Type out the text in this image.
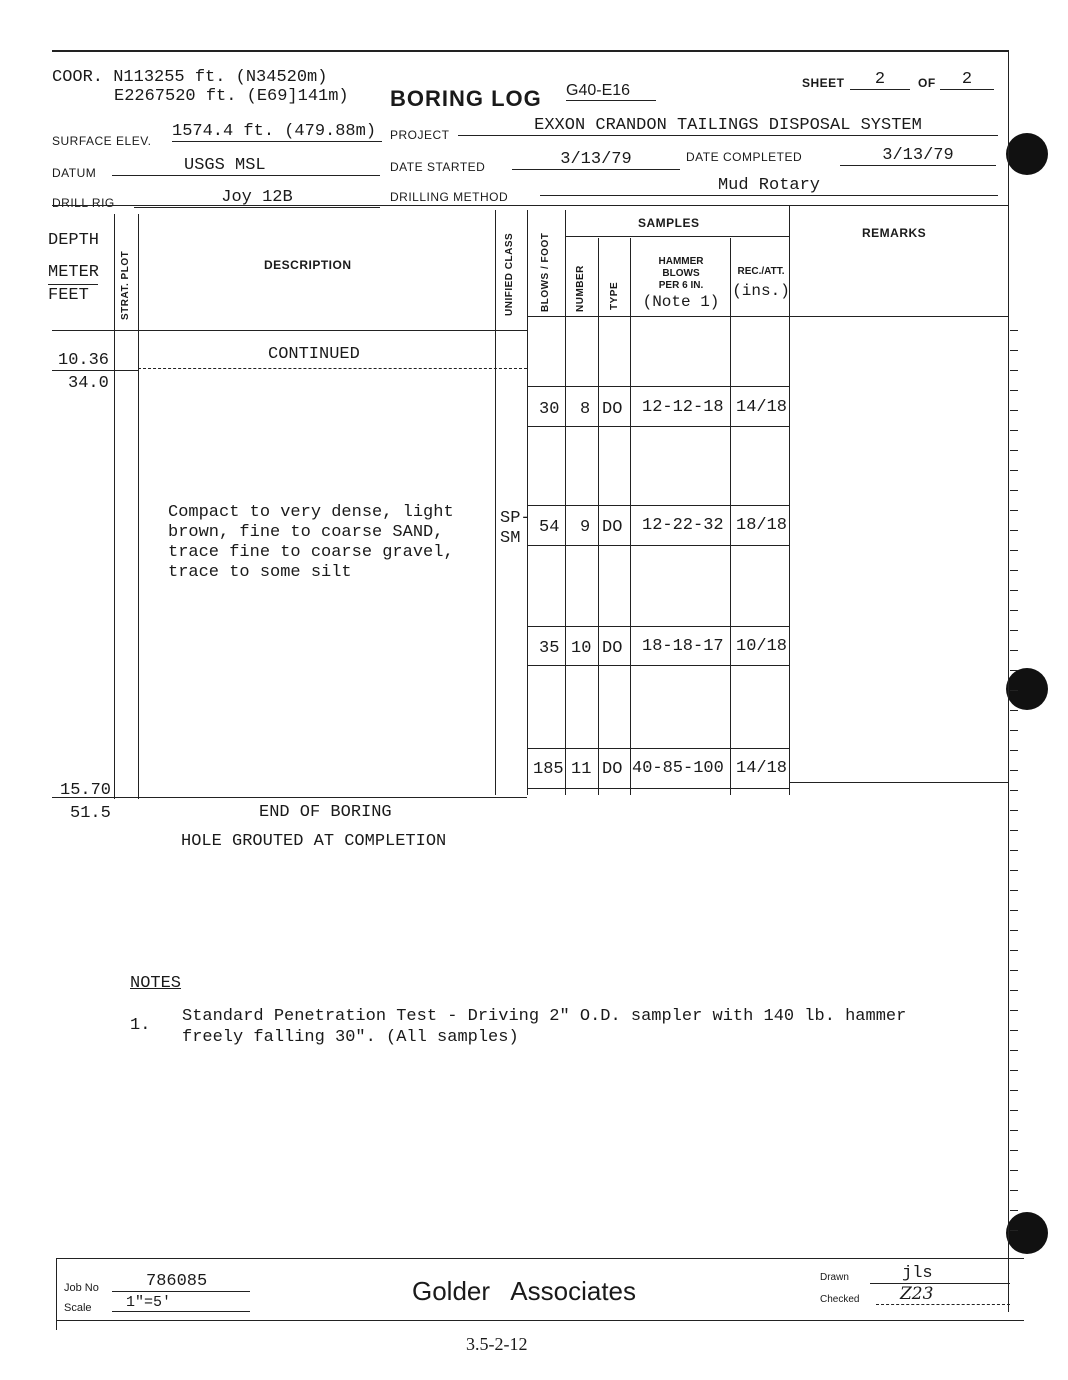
COOR. N113255 ft. (N34520m)
E2267520 ft. (E69]141m) BORING LOG G40-E16	SHEET	2	OF	2
SURFACE ELEV. 1574.4 ft. (479.88m)	PROJECT	EXXON CRANDON TAILINGS DISPOSAL SYSTEM
DATUM	USGS MSL	DATE STARTED	3/13/79	DATE COMPLETED	3/13/79
DRILL RIG	Joy 12B	DRILLING METHOD
Mud Rotary
DEPTH
METER
FEET	STRAT. PLOT	DESCRIPTION	UNIFIED CLASS	BLOWS / FOOT
SAMPLES
NUMBER TYPE
HAMMER
BLOWS
PER 6 IN.
(Note 1)
REC./ATT.
(ins.)
REMARKS
CONTINUED
10.36
34.0
Compact to very dense, light
brown, fine to coarse SAND,
trace fine to coarse gravel,
trace to some silt
SP-
SM
30 8 DO 12-12-18 14/18
54 9 DO 12-22-32 18/18
35 10 DO 18-18-17 10/18
185 11 DO 40-85-100 14/18
15.70
51.5	END OF BORING
HOLE GROUTED AT COMPLETION
NOTES
1. Standard Penetration Test - Driving 2" O.D. sampler with 140 lb. hammer
freely falling 30". (All samples)
Job No	786085
Scale	1"=5'	Golder   Associates	Drawn	jls
Checked	Z23
3.5-2-12
